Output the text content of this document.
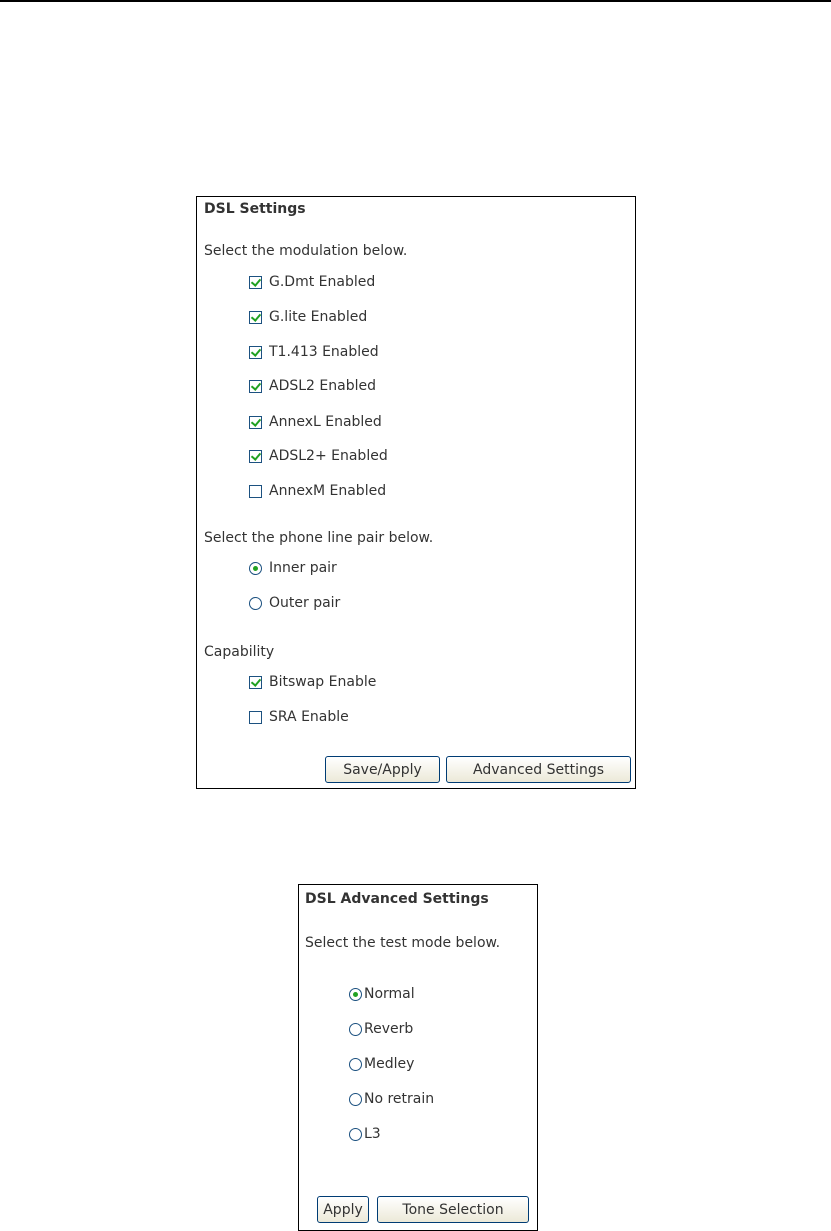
DSL Settings
Select the modulation below.
G.Dmt Enabled
G.lite Enabled
T1.413 Enabled
ADSL2 Enabled
AnnexL Enabled
ADSL2+ Enabled
AnnexM Enabled
Select the phone line pair below.
Inner pair
Outer pair
Capability
Bitswap Enable
SRA Enable
Save/Apply	Advanced Settings
DSL Advanced Settings
Select the test mode below.
Normal
Reverb
Medley
No retrain
L3
Apply	Tone Selection
